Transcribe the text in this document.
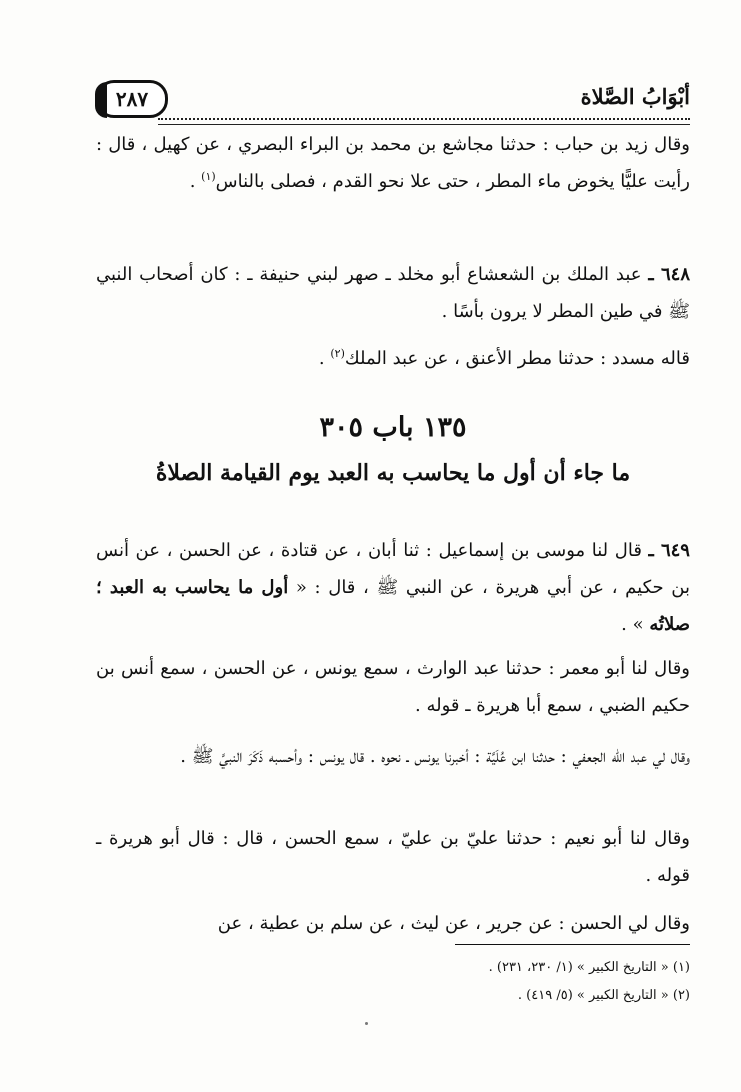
أبْوَابُ الصَّلاة
٢٨٧

وقال زيد بن حباب : حدثنا مجاشع بن محمد بن البراء البصري ، عن كهيل ، قال : رأيت عليًّا يخوض ماء المطر ، حتى علا نحو القدم ، فصلى بالناس$^{(١)}$ .

٦٤٨ ـ عبد الملك بن الشعشاع أبو مخلد ـ صهر لبني حنيفة ـ : كان أصحاب النبي ﷺ في طين المطر لا يرون بأسًا .

قاله مسدد : حدثنا مطر الأعنق ، عن عبد الملك$^{(٢)}$ .

١٣٥ باب ٣٠٥
ما جاء أن أول ما يحاسب به العبد يوم القيامة الصلاةُ

٦٤٩ ـ قال لنا موسى بن إسماعيل : ثنا أبان ، عن قتادة ، عن الحسن ، عن أنس بن حكيم ، عن أبي هريرة ، عن النبي ﷺ ، قال : « أول ما يحاسب به العبد ؛ صلاتُه » .

وقال لنا أبو معمر : حدثنا عبد الوارث ، سمع يونس ، عن الحسن ، سمع أنس بن حكيم الضبي ، سمع أبا هريرة ـ قوله .

وقال لي عبد الله الجعفي : حدثنا ابن عُلَيَّة : أخبرنا يونس ـ نحوه . قال يونس : وأحسبه ذَكَرَ النبيَّ ﷺ .

وقال لنا أبو نعيم : حدثنا عليّ بن عليّ ، سمع الحسن ، قال : قال أبو هريرة ـ قوله .

وقال لي الحسن : عن جرير ، عن ليث ، عن سلم بن عطية ، عن

(١) « التاريخ الكبير » (١/ ٢٣٠، ٢٣١) .
(٢) « التاريخ الكبير » (٥/ ٤١٩) .
